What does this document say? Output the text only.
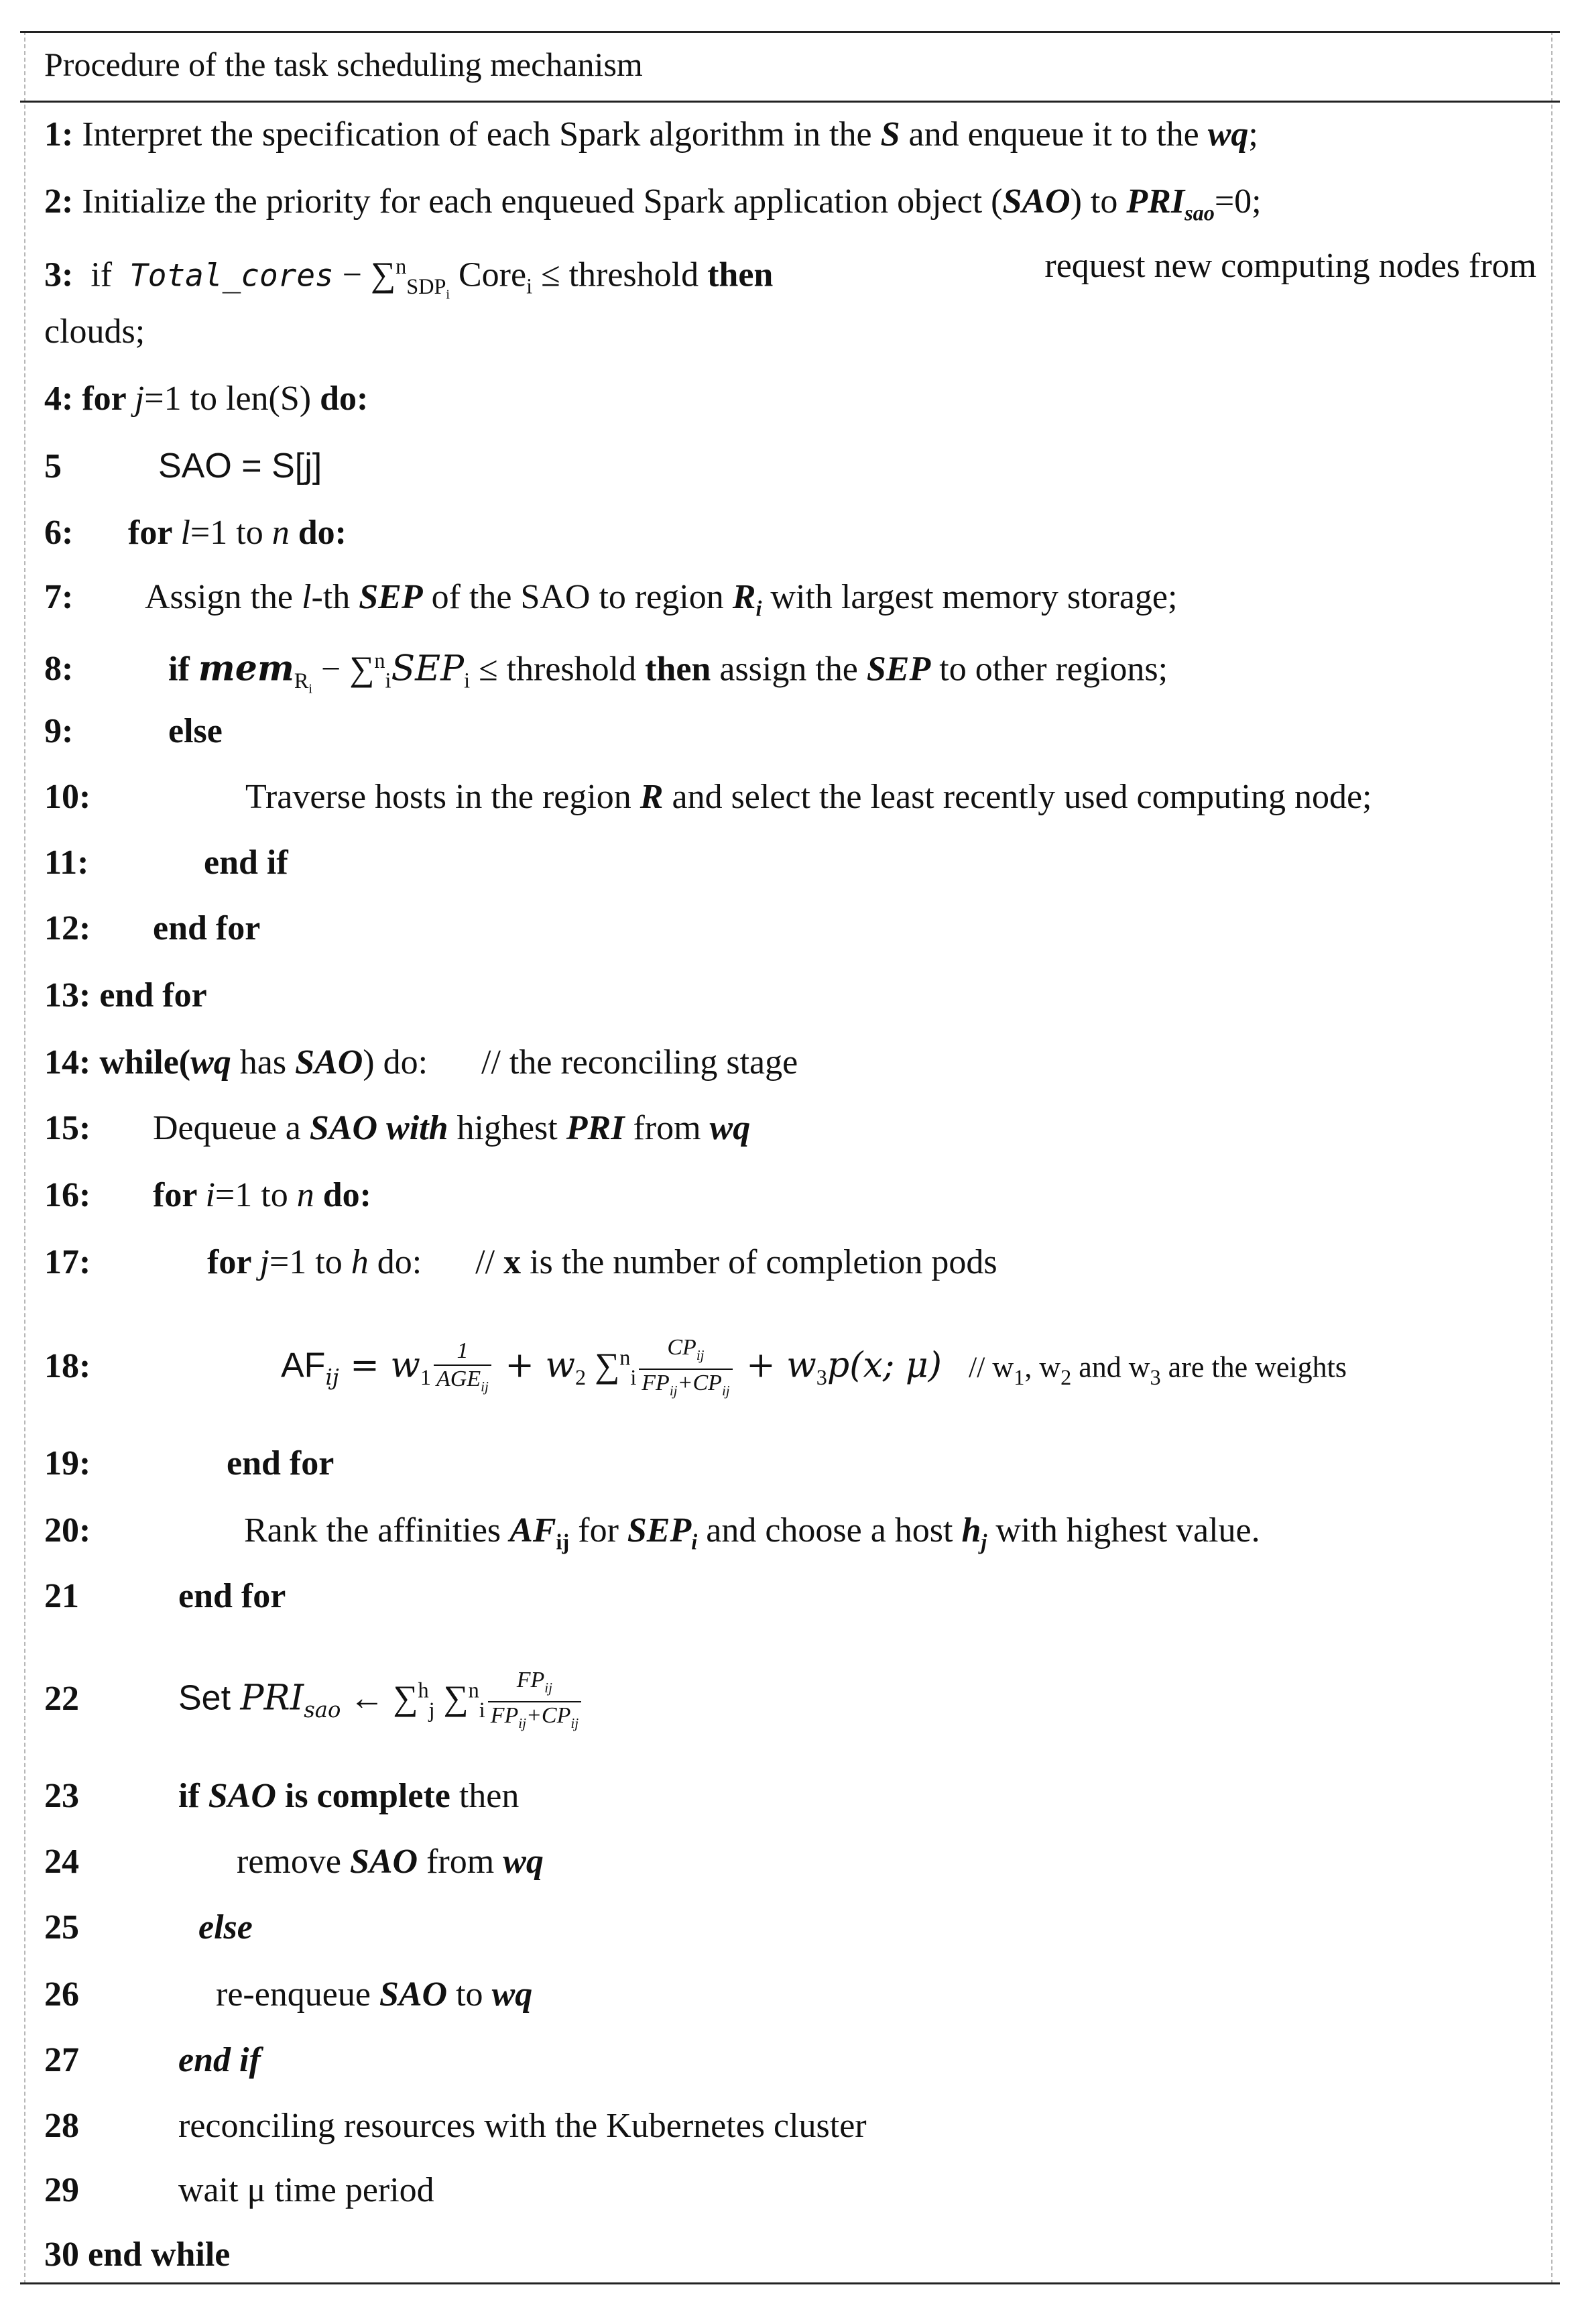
Procedure of the task scheduling mechanism
1: Interpret the specification of each Spark algorithm in the S and enqueue it to the wq;
2: Initialize the priority for each enqueued Spark application object (SAO) to $PRI_{sao}=0$;
3: if Total_cores − ∑$^n_{SDP_i}$ Core$_i$ ≤ threshold then	request new computing nodes from
clouds;
4: for j=1 to len(S) do:
5	SAO = S[j]
6: for l=1 to n do:
7: Assign the l-th SEP of the SAO to region $R_i$ with largest memory storage;
8:	if $mem_{R_i} - \sum^n_iSEP_i$ ≤ threshold then assign the SEP to other regions;
9:	else
10:	Traverse hosts in the region R and select the least recently used computing node;
11:	end if
12: end for
13: end for
14: while(wq has SAO) do: // the reconciling stage
15: Dequeue a SAO with highest PRI from wq
16: for i=1 to n do:
17:	for j=1 to h do: // x is the number of completion pods
18:	$AF_{ij} = w_1 \frac{1}{AGE_{ij}} + w_2$ $\sum^n_i \frac{CP_{ij}}{FP_{ij}+CP_{ij}} + w_3p(x$; $\mu) // w_1$, $w_2$ and $w_3$ are the weights
19:	end for
20:	Rank the affinities $AF_{ij}$ for $SEP_i$ and choose a host $h_j$ with highest value.
21	end for
22	Set $PRI_{sao}$ ← ∑$^h_j$ $\sum^n_i \frac{FP_{ij}}{FP_{ij}+CP_{ij}}$
23	if SAO is complete then
24	remove SAO from wq
25	else
26	re-enqueue SAO to wq
27	end if
28	reconciling resources with the Kubernetes cluster
29	wait μ time period
30 end while
